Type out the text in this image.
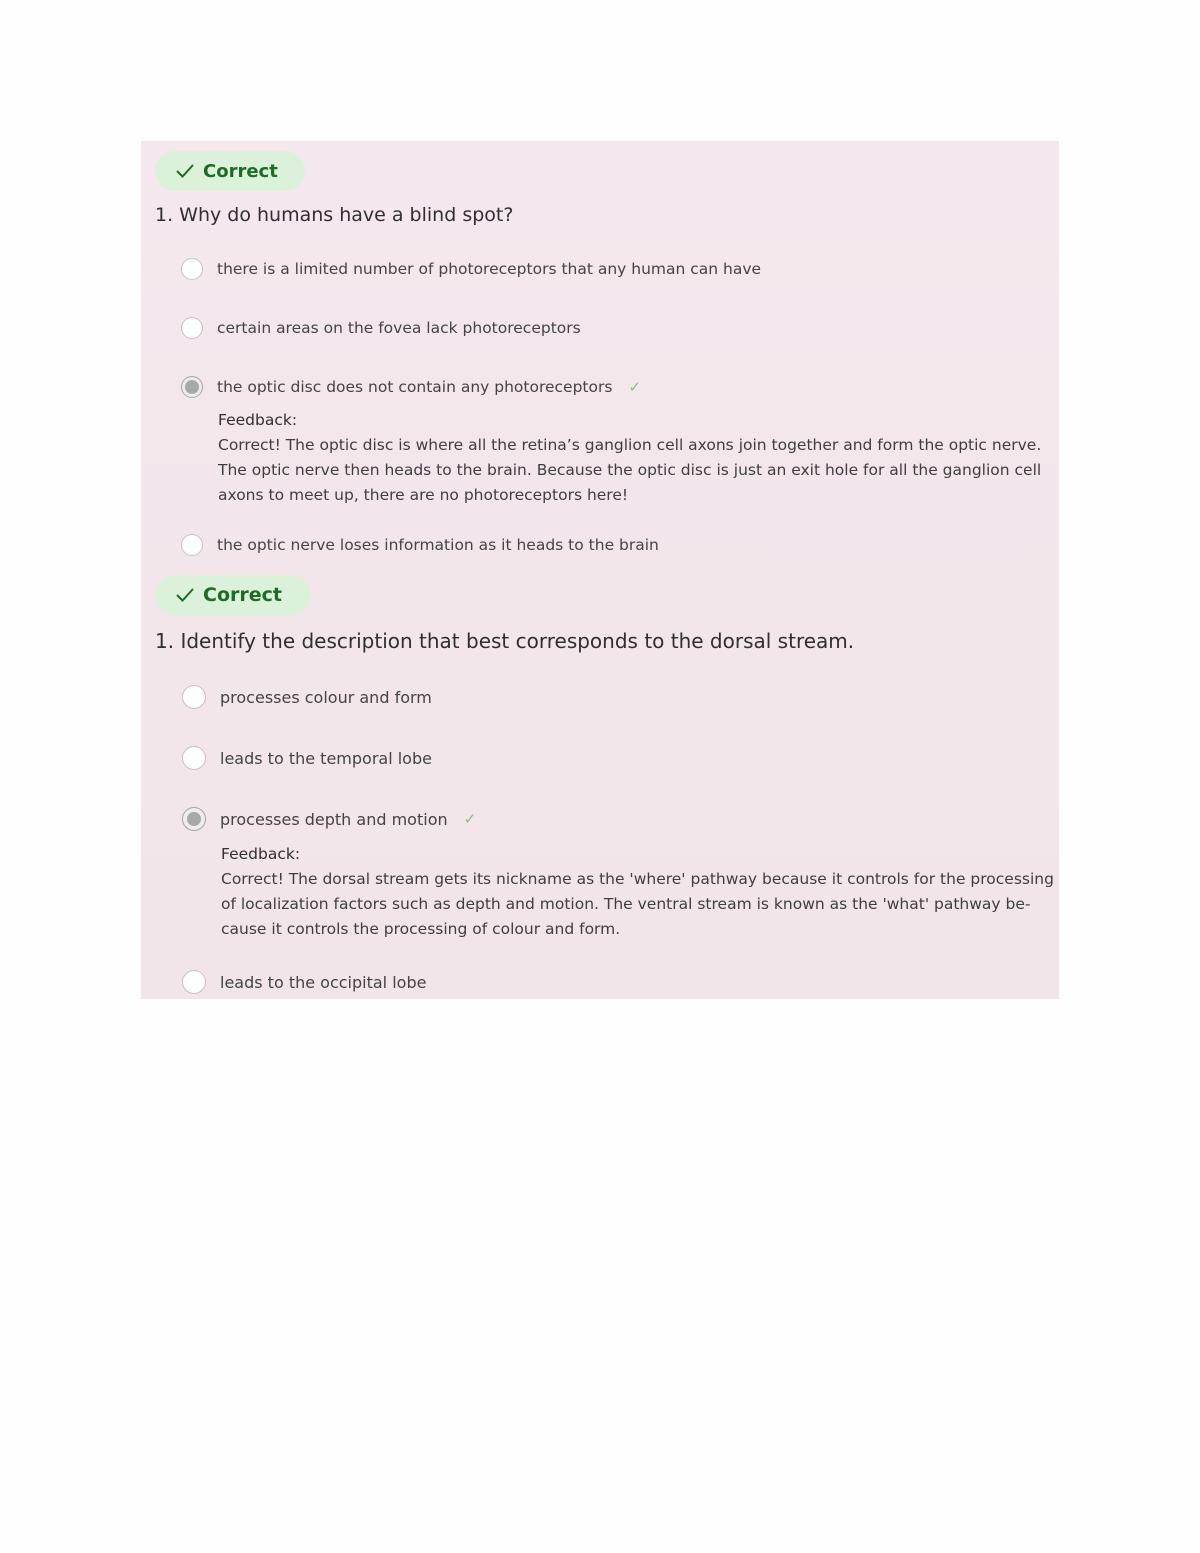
Correct
1. Why do humans have a blind spot?
there is a limited number of photoreceptors that any human can have
certain areas on the fovea lack photoreceptors
the optic disc does not contain any photoreceptors ✓
Feedback:
Correct! The optic disc is where all the retina’s ganglion cell axons join together and form the optic nerve.
The optic nerve then heads to the brain. Because the optic disc is just an exit hole for all the ganglion cell
axons to meet up, there are no photoreceptors here!
the optic nerve loses information as it heads to the brain
Correct
1. Identify the description that best corresponds to the dorsal stream.
processes colour and form
leads to the temporal lobe
processes depth and motion ✓
Feedback:
Correct! The dorsal stream gets its nickname as the 'where' pathway because it controls for the processing
of localization factors such as depth and motion. The ventral stream is known as the 'what' pathway be-
cause it controls the processing of colour and form.
leads to the occipital lobe
